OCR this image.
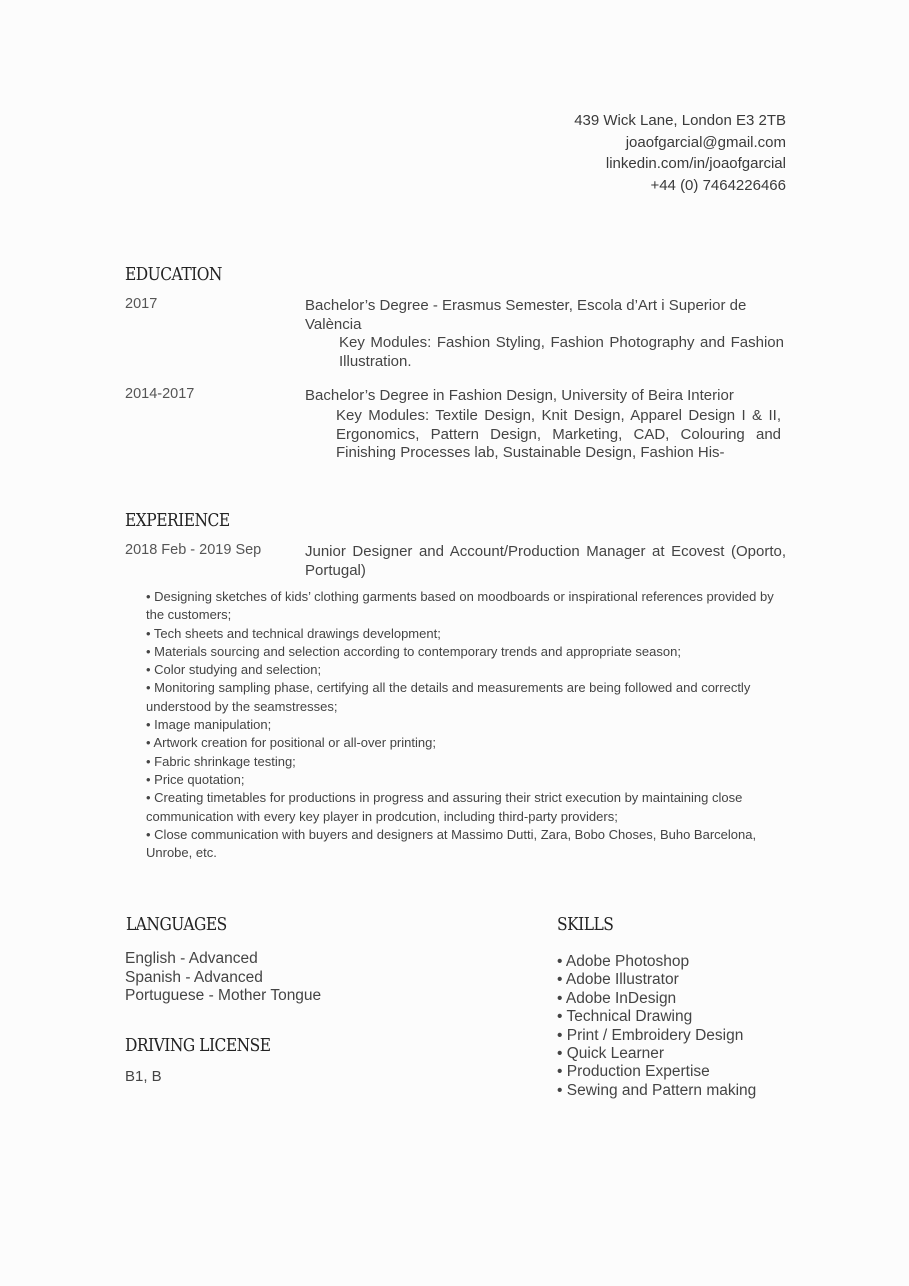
439 Wick Lane, London E3 2TB
joaofgarcial@gmail.com
linkedin.com/in/joaofgarcial
+44 (0) 7464226466
EDUCATION
2017	Bachelor’s Degree - Erasmus Semester, Escola d’Art i Superior de València
Key Modules: Fashion Styling, Fashion Photography and Fashion Illustration.
2014-2017	Bachelor’s Degree in Fashion Design, University of Beira Interior
Key Modules: Textile Design, Knit Design, Apparel Design I & II, Ergonomics, Pattern Design, Marketing, CAD, Colouring and Finishing Processes lab, Sustainable Design, Fashion His-
EXPERIENCE
2018 Feb - 2019 Sep	Junior Designer and Account/Production Manager at Ecovest (Oporto, Portugal)
• Designing sketches of kids’ clothing garments based on moodboards or inspirational references provided by the customers;
• Tech sheets and technical drawings development;
• Materials sourcing and selection according to contemporary trends and appropriate season;
• Color studying and selection;
• Monitoring sampling phase, certifying all the details and measurements are being followed and correctly understood by the seamstresses;
• Image manipulation;
• Artwork creation for positional or all-over printing;
• Fabric shrinkage testing;
• Price quotation;
• Creating timetables for productions in progress and assuring their strict execution by maintaining close communication with every key player in prodcution, including third-party providers;
• Close communication with buyers and designers at Massimo Dutti, Zara, Bobo Choses, Buho Barcelona, Unrobe, etc.
LANGUAGES
English - Advanced
Spanish - Advanced
Portuguese - Mother Tongue
DRIVING LICENSE
B1, B
SKILLS
• Adobe Photoshop
• Adobe Illustrator
• Adobe InDesign
• Technical Drawing
• Print / Embroidery Design
• Quick Learner
• Production Expertise
• Sewing and Pattern making
